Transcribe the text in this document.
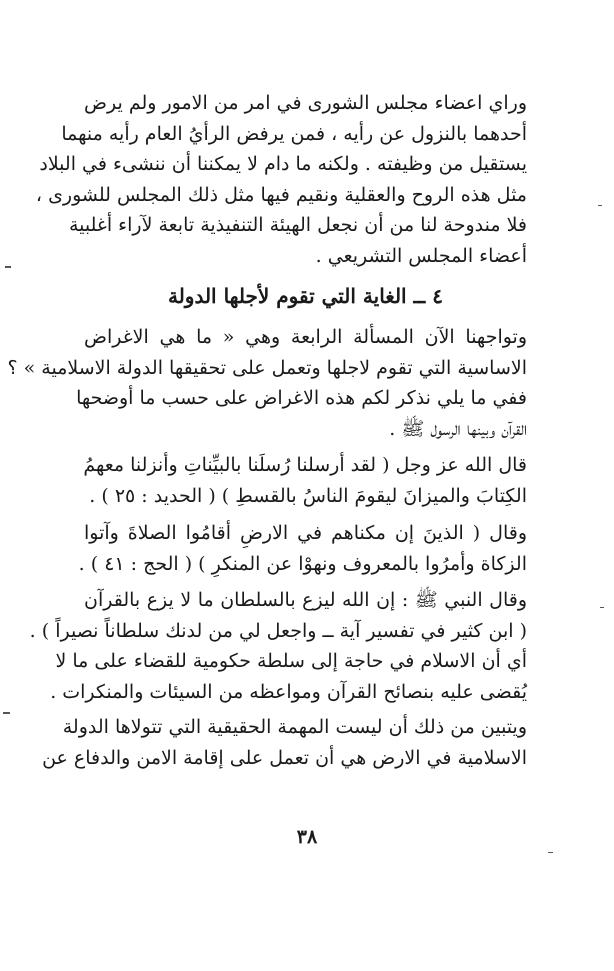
وراي اعضاء مجلس الشورى في امر من الامور ولم يرض
أحدهما بالنزول عن رأيه ، فمن يرفض الرأيُ العام رأيه منهما
يستقيل من وظيفته . ولكنه ما دام لا يمكننا أن ننشىء في البلاد
مثل هذه الروح والعقلية ونقيم فيها مثل ذلك المجلس للشورى ،
فلا مندوحة لنا من أن نجعل الهيئة التنفيذية تابعة لآراء أغلبية
أعضاء المجلس التشريعي .
٤ ــ الغاية التي تقوم لأجلها الدولة
وتواجهنا الآن المسألة الرابعة وهي « ما هي الاغراض
الاساسية التي تقوم لاجلها وتعمل على تحقيقها الدولة الاسلامية » ؟
ففي ما يلي نذكر لكم هذه الاغراض على حسب ما أوضحها
القرآن وبينها الرسول ﷺ .
قال الله عز وجل ( لقد أرسلنا رُسلَنا بالبيِّناتِ وأنزلنا معهمُ
الكِتابَ والميزانَ ليقومَ الناسُ بالقسطِ ) ( الحديد : ٢٥ ) .
وقال ( الذينَ إن مكناهم في الارضِ أقامُوا الصلاةَ وآتوا
الزكاة وأمرُوا بالمعروف ونهوْا عن المنكرِ ) ( الحج : ٤١ ) .
وقال النبي ﷺ : إن الله ليزع بالسلطان ما لا يزع بالقرآن
( ابن كثير في تفسير آية ــ واجعل لي من لدنك سلطاناً نصيراً ) .
أي أن الاسلام في حاجة إلى سلطة حكومية للقضاء على ما لا
يُقضى عليه بنصائح القرآن ومواعظه من السيئات والمنكرات .
ويتبين من ذلك أن ليست المهمة الحقيقية التي تتولاها الدولة
الاسلامية في الارض هي أن تعمل على إقامة الامن والدفاع عن
٣٨
